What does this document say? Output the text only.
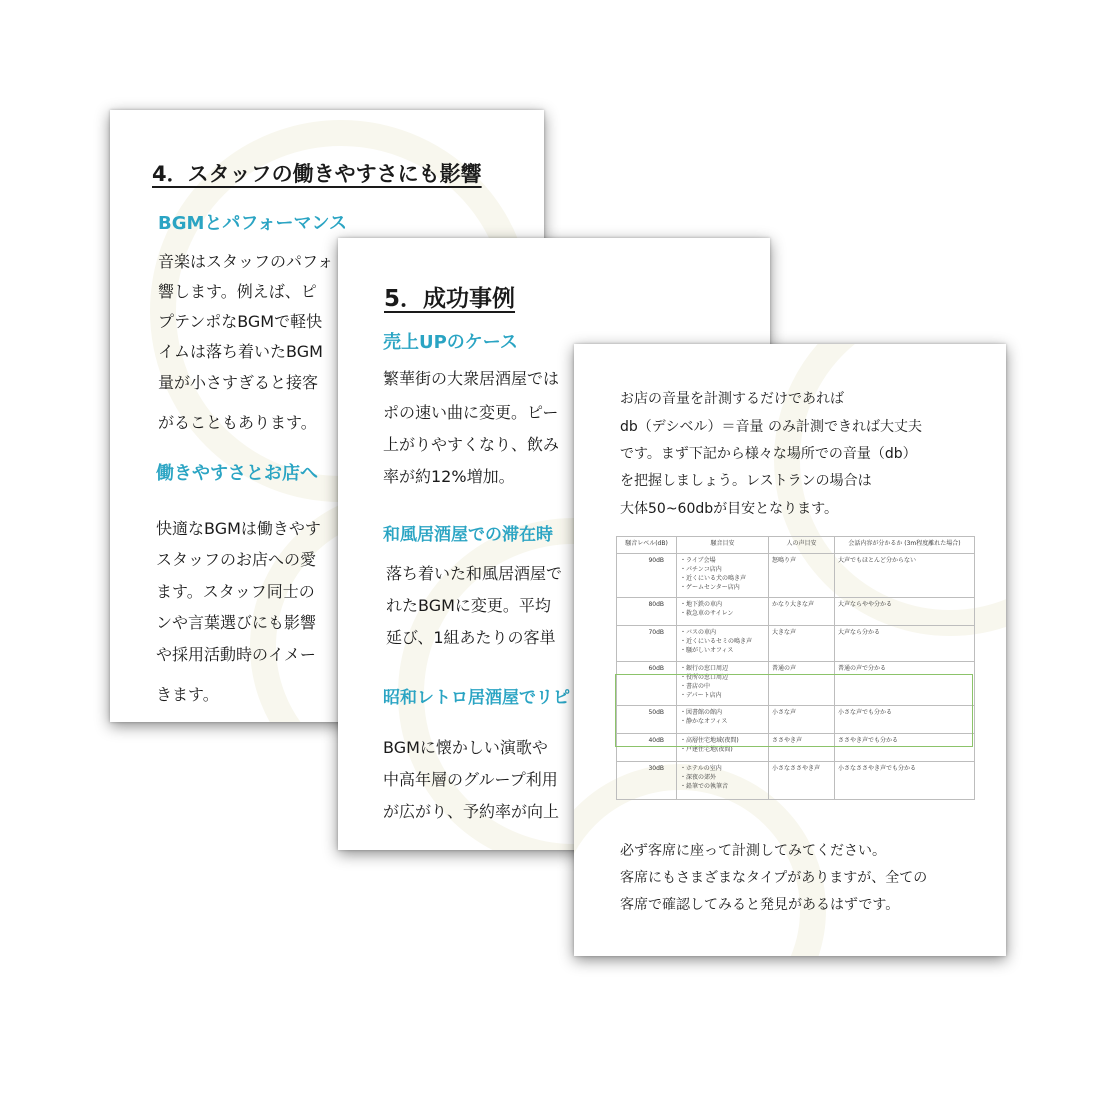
4．スタッフの働きやすさにも影響
BGMとパフォーマンス
音楽はスタッフのパフォ
響します。例えば、ピ
プテンポなBGMで軽快
イムは落ち着いたBGM
量が小さすぎると接客
がることもあります。
働きやすさとお店へ
快適なBGMは働きやす
スタッフのお店への愛
ます。スタッフ同士の
ンや言葉選びにも影響
や採用活動時のイメー
きます。
5．成功事例
売上UPのケース
繁華街の大衆居酒屋では
ポの速い曲に変更。ピー
上がりやすくなり、飲み
率が約12%増加。
和風居酒屋での滞在時
落ち着いた和風居酒屋で
れたBGMに変更。平均
延び、1組あたりの客単
昭和レトロ居酒屋でリピ
BGMに懐かしい演歌や
中高年層のグループ利用
が広がり、予約率が向上
お店の音量を計測するだけであれば
db（デシベル）＝音量 のみ計測できれば大丈夫
です。まず下記から様々な場所での音量（db）
を把握しましょう。レストランの場合は
大体50~60dbが目安となります。
騒音レベル(dB)	騒音目安	人の声目安	会話内容が分かるか (3m程度離れた場合)
90dB	・ライブ会場
・パチンコ店内
・近くにいる犬の鳴き声
・ゲームセンター店内	怒鳴り声	大声でもほとんど分からない
80dB	・地下鉄の車内
・救急車のサイレン	かなり大きな声	大声ならやや分かる
70dB	・バスの車内
・近くにいるセミの鳴き声
・騒がしいオフィス	大きな声	大声なら分かる
60dB	・銀行の窓口周辺
・役所の窓口周辺
・書店の中
・デパート店内	普通の声	普通の声で分かる
50dB	・図書館の館内
・静かなオフィス	小さな声	小さな声でも分かる
40dB	・高層住宅地域(夜間)
・戸建住宅地(夜間)	ささやき声	ささやき声でも分かる
30dB	・ホテルの室内
・深夜の郊外
・鉛筆での執筆音	小さなささやき声	小さなささやき声でも分かる
必ず客席に座って計測してみてください。
客席にもさまざまなタイプがありますが、全ての
客席で確認してみると発見があるはずです。
